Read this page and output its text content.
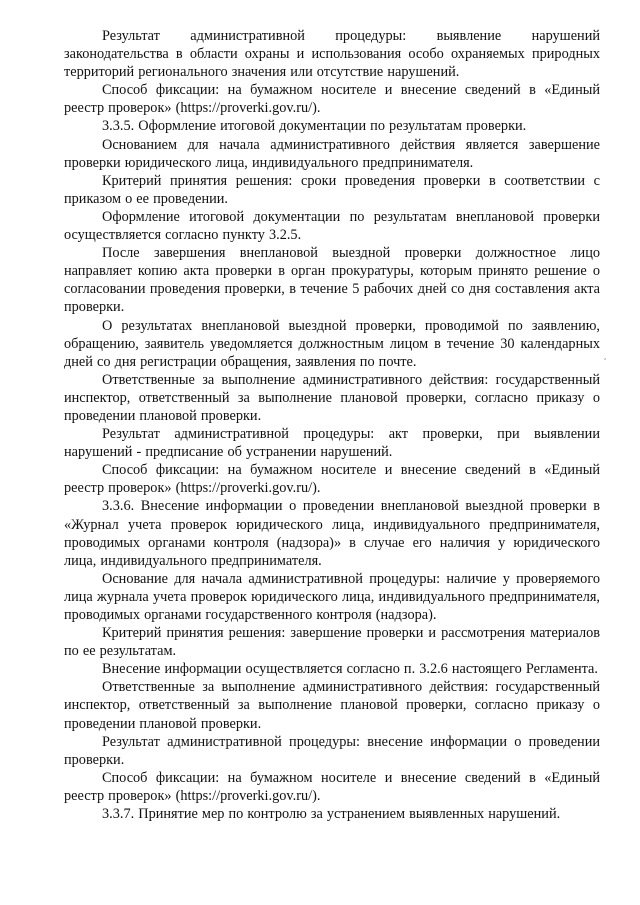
Результат административной процедуры: выявление нарушений законодательства в области охраны и использования особо охраняемых природных территорий регионального значения или отсутствие нарушений.

Способ фиксации: на бумажном носителе и внесение сведений в «Единый реестр проверок» (https://proverki.gov.ru/).

3.3.5. Оформление итоговой документации по результатам проверки.

Основанием для начала административного действия является завершение проверки юридического лица, индивидуального предпринимателя.

Критерий принятия решения: сроки проведения проверки в соответствии с приказом о ее проведении.

Оформление итоговой документации по результатам внеплановой проверки осуществляется согласно пункту 3.2.5.

После завершения внеплановой выездной проверки должностное лицо направляет копию акта проверки в орган прокуратуры, которым принято решение о согласовании проведения проверки, в течение 5 рабочих дней со дня составления акта проверки.

О результатах внеплановой выездной проверки, проводимой по заявлению, обращению, заявитель уведомляется должностным лицом в течение 30 календарных дней со дня регистрации обращения, заявления по почте.

Ответственные за выполнение административного действия: государственный инспектор, ответственный за выполнение плановой проверки, согласно приказу о проведении плановой проверки.

Результат административной процедуры: акт проверки, при выявлении нарушений - предписание об устранении нарушений.

Способ фиксации: на бумажном носителе и внесение сведений в «Единый реестр проверок» (https://proverki.gov.ru/).

3.3.6. Внесение информации о проведении внеплановой выездной проверки в «Журнал учета проверок юридического лица, индивидуального предпринимателя, проводимых органами контроля (надзора)» в случае его наличия у юридического лица, индивидуального предпринимателя.

Основание для начала административной процедуры: наличие у проверяемого лица журнала учета проверок юридического лица, индивидуального предпринимателя, проводимых органами государственного контроля (надзора).

Критерий принятия решения: завершение проверки и рассмотрения материалов по ее результатам.

Внесение информации осуществляется согласно п. 3.2.6 настоящего Регламента.

Ответственные за выполнение административного действия: государственный инспектор, ответственный за выполнение плановой проверки, согласно приказу о проведении плановой проверки.

Результат административной процедуры: внесение информации о проведении проверки.

Способ фиксации: на бумажном носителе и внесение сведений в «Единый реестр проверок» (https://proverki.gov.ru/).

3.3.7. Принятие мер по контролю за устранением выявленных нарушений.

,
